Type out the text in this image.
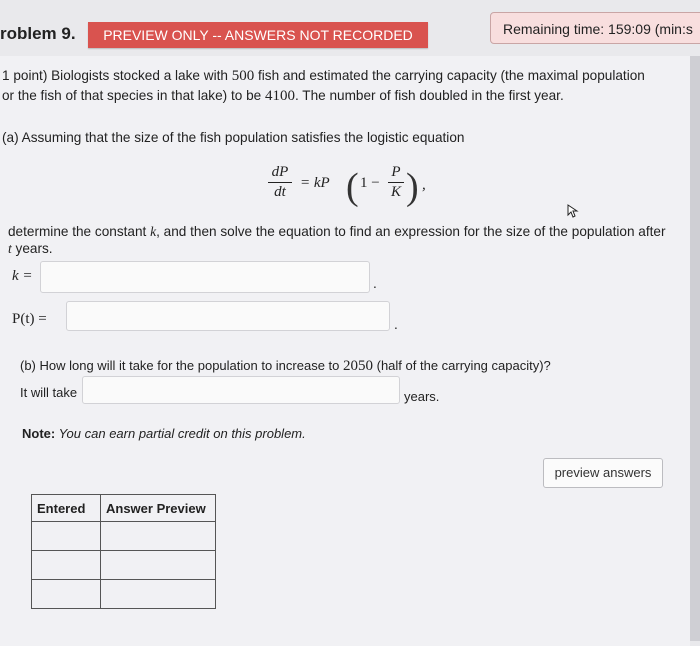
roblem 9.	PREVIEW ONLY -- ANSWERS NOT RECORDED	Remaining time: 159:09 (min:s
1 point) Biologists stocked a lake with 500 fish and estimated the carrying capacity (the maximal population
or the fish of that species in that lake) to be 4100. The number of fish doubled in the first year.
(a) Assuming that the size of the fish population satisfies the logistic equation
dP
dt
= kP ( 1 −
P
K ) ,
determine the constant k, and then solve the equation to find an expression for the size of the population after
t years.
k =	.
P(t) =	.
(b) How long will it take for the population to increase to 2050 (half of the carrying capacity)?
It will take	years.
Note: You can earn partial credit on this problem.
preview answers
Entered	Answer Preview
